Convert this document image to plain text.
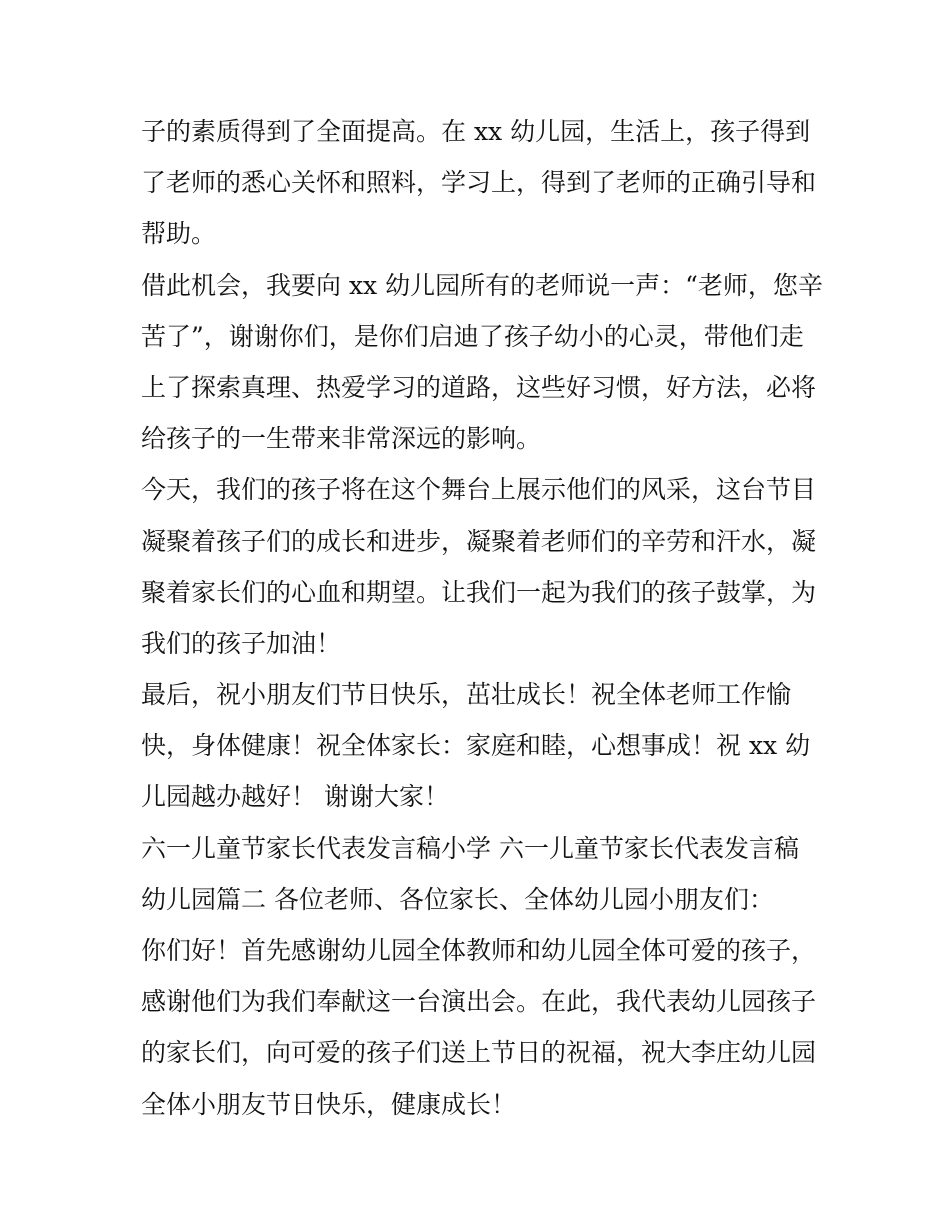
子的素质得到了全面提高。在 xx 幼儿园，生活上，孩子得到
了老师的悉心关怀和照料，学习上，得到了老师的正确引导和
帮助。
借此机会，我要向 xx 幼儿园所有的老师说一声：“老师，您辛
苦了”，谢谢你们，是你们启迪了孩子幼小的心灵，带他们走
上了探索真理、热爱学习的道路，这些好习惯，好方法，必将
给孩子的一生带来非常深远的影响。
今天，我们的孩子将在这个舞台上展示他们的风采，这台节目
凝聚着孩子们的成长和进步，凝聚着老师们的辛劳和汗水，凝
聚着家长们的心血和期望。让我们一起为我们的孩子鼓掌，为
我们的孩子加油！
最后，祝小朋友们节日快乐，茁壮成长！祝全体老师工作愉
快，身体健康！祝全体家长：家庭和睦，心想事成！祝 xx 幼
儿园越办越好！ 谢谢大家！
六一儿童节家长代表发言稿小学 六一儿童节家长代表发言稿
幼儿园篇二 各位老师、各位家长、全体幼儿园小朋友们：
你们好！首先感谢幼儿园全体教师和幼儿园全体可爱的孩子，
感谢他们为我们奉献这一台演出会。在此，我代表幼儿园孩子
的家长们，向可爱的孩子们送上节日的祝福，祝大李庄幼儿园
全体小朋友节日快乐，健康成长！
